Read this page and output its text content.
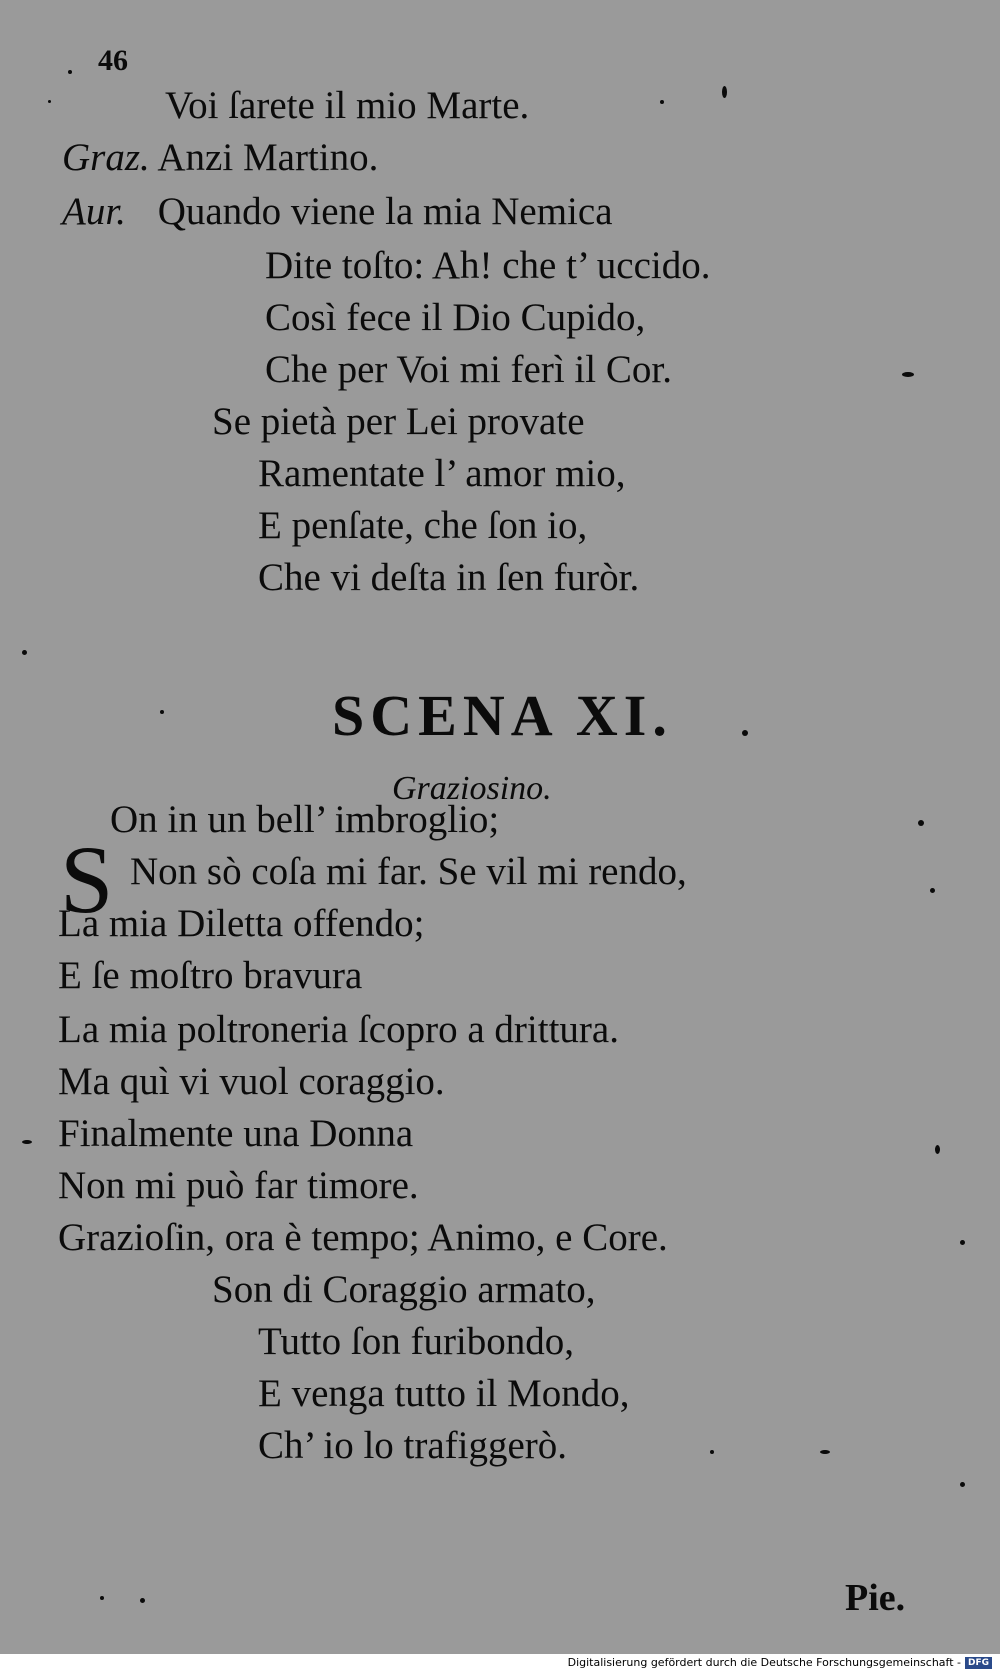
46
Voi ſarete il mio Marte.
Graz. Anzi Martino.
Aur. Quando viene la mia Nemica
Dite toſto: Ah! che t’ uccido.
Così fece il Dio Cupido,
Che per Voi mi ferì il Cor.
Se pietà per Lei provate
Ramentate l’ amor mio,
E penſate, che ſon io,
Che vi deſta in ſen furòr.
SCENA XI.
Graziosino.
S
On in un bell’ imbroglio;
Non sò coſa mi far. Se vil mi rendo,
La mia Diletta offendo;
E ſe moſtro bravura
La mia poltroneria ſcopro a drittura.
Ma quì vi vuol coraggio.
Finalmente una Donna
Non mi può far timore.
Grazioſin, ora è tempo; Animo, e Core.
Son di Coraggio armato,
Tutto ſon furibondo,
E venga tutto il Mondo,
Ch’ io lo trafiggerò.
Pie.
Digitalisierung gefördert durch die Deutsche Forschungsgemeinschaft - DFG
